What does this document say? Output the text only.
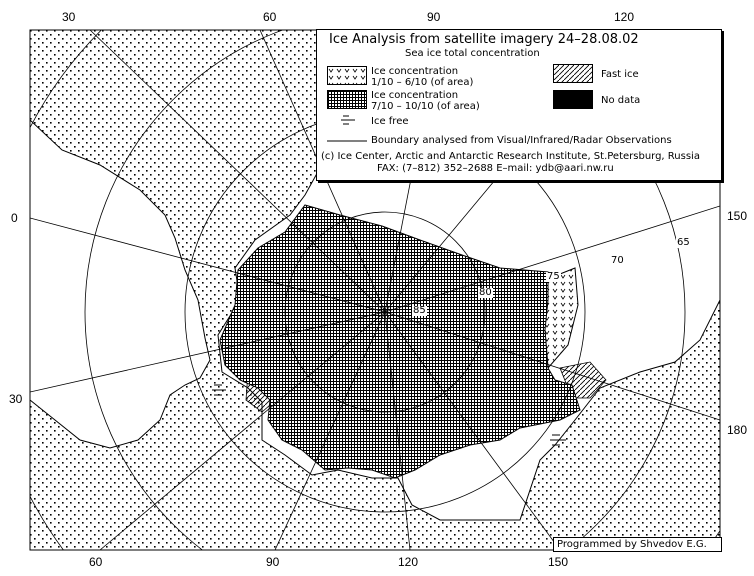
30	60	90	120
60	90	120	150
0
30
150
180
85
80
75
70
65
Ice Analysis from satellite imagery 24–28.08.02
Sea ice total concentration
Ice concentration
1/10 – 6/10 (of area)
Fast ice
Ice concentration
7/10 – 10/10 (of area)
No data
Ice free
Boundary analysed from Visual/Infrared/Radar Observations
(c) Ice Center, Arctic and Antarctic Research Institute, St.Petersburg, Russia
FAX: (7–812) 352–2688 E–mail: ydb@aari.nw.ru
Programmed by Shvedov E.G.
